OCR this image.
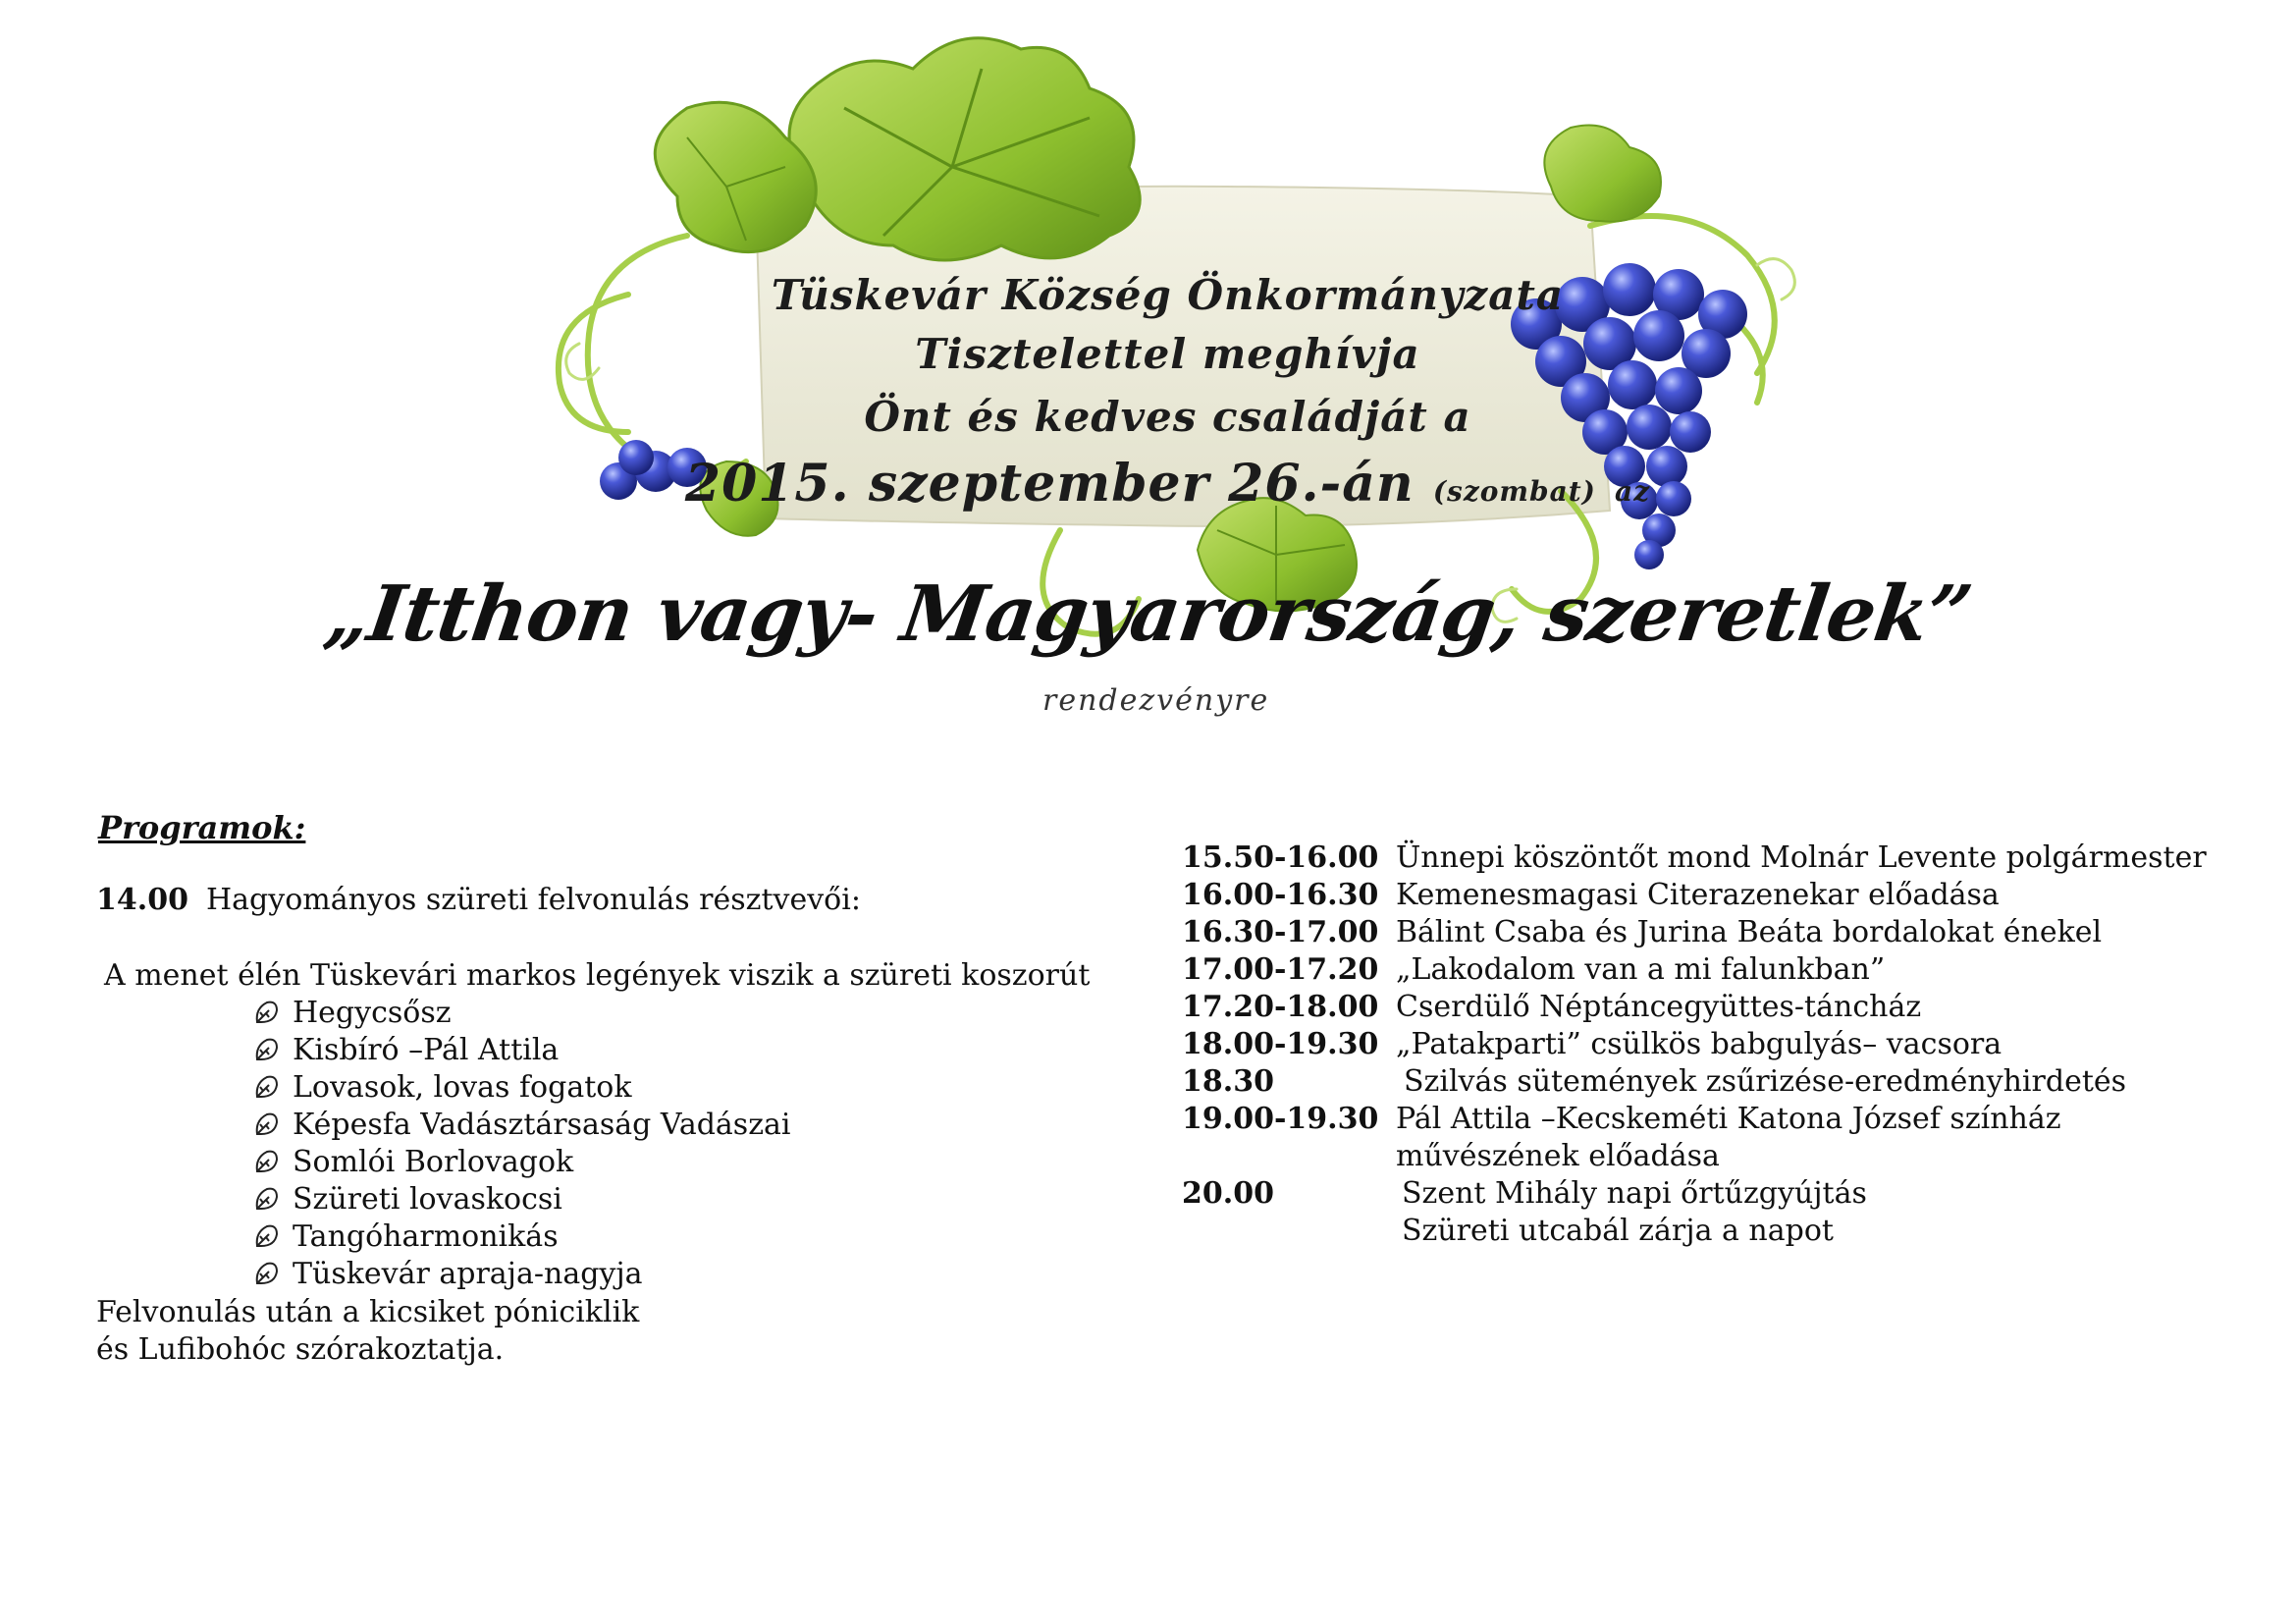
Tüskevár Község Önkormányzata
Tisztelettel meghívja
Önt és kedves családját a
2015. szeptember 26.-án (szombat) az
„Itthon vagy- Magyarország, szeretlek”
rendezvényre
Programok:
14.00 Hagyományos szüreti felvonulás résztvevői:
A menet élén Tüskevári markos legények viszik a szüreti koszorút
Hegycsősz
Kisbíró –Pál Attila
Lovasok, lovas fogatok
Képesfa Vadásztársaság Vadászai
Somlói Borlovagok
Szüreti lovaskocsi
Tangóharmonikás
Tüskevár apraja-nagyja
Felvonulás után a kicsiket póniciklik
és Lufibohóc szórakoztatja.
15.50-16.00 Ünnepi köszöntőt mond Molnár Levente polgármester
16.00-16.30 Kemenesmagasi Citerazenekar előadása
16.30-17.00 Bálint Csaba és Jurina Beáta bordalokat énekel
17.00-17.20 „Lakodalom van a mi falunkban”
17.20-18.00 Cserdülő Néptáncegyüttes-táncház
18.00-19.30 „Patakparti” csülkös babgulyás– vacsora
18.30	Szilvás sütemények zsűrizése-eredményhirdetés
19.00-19.30 Pál Attila –Kecskeméti Katona József színház
művészének előadása
20.00	Szent Mihály napi őrtűzgyújtás
Szüreti utcabál zárja a napot
